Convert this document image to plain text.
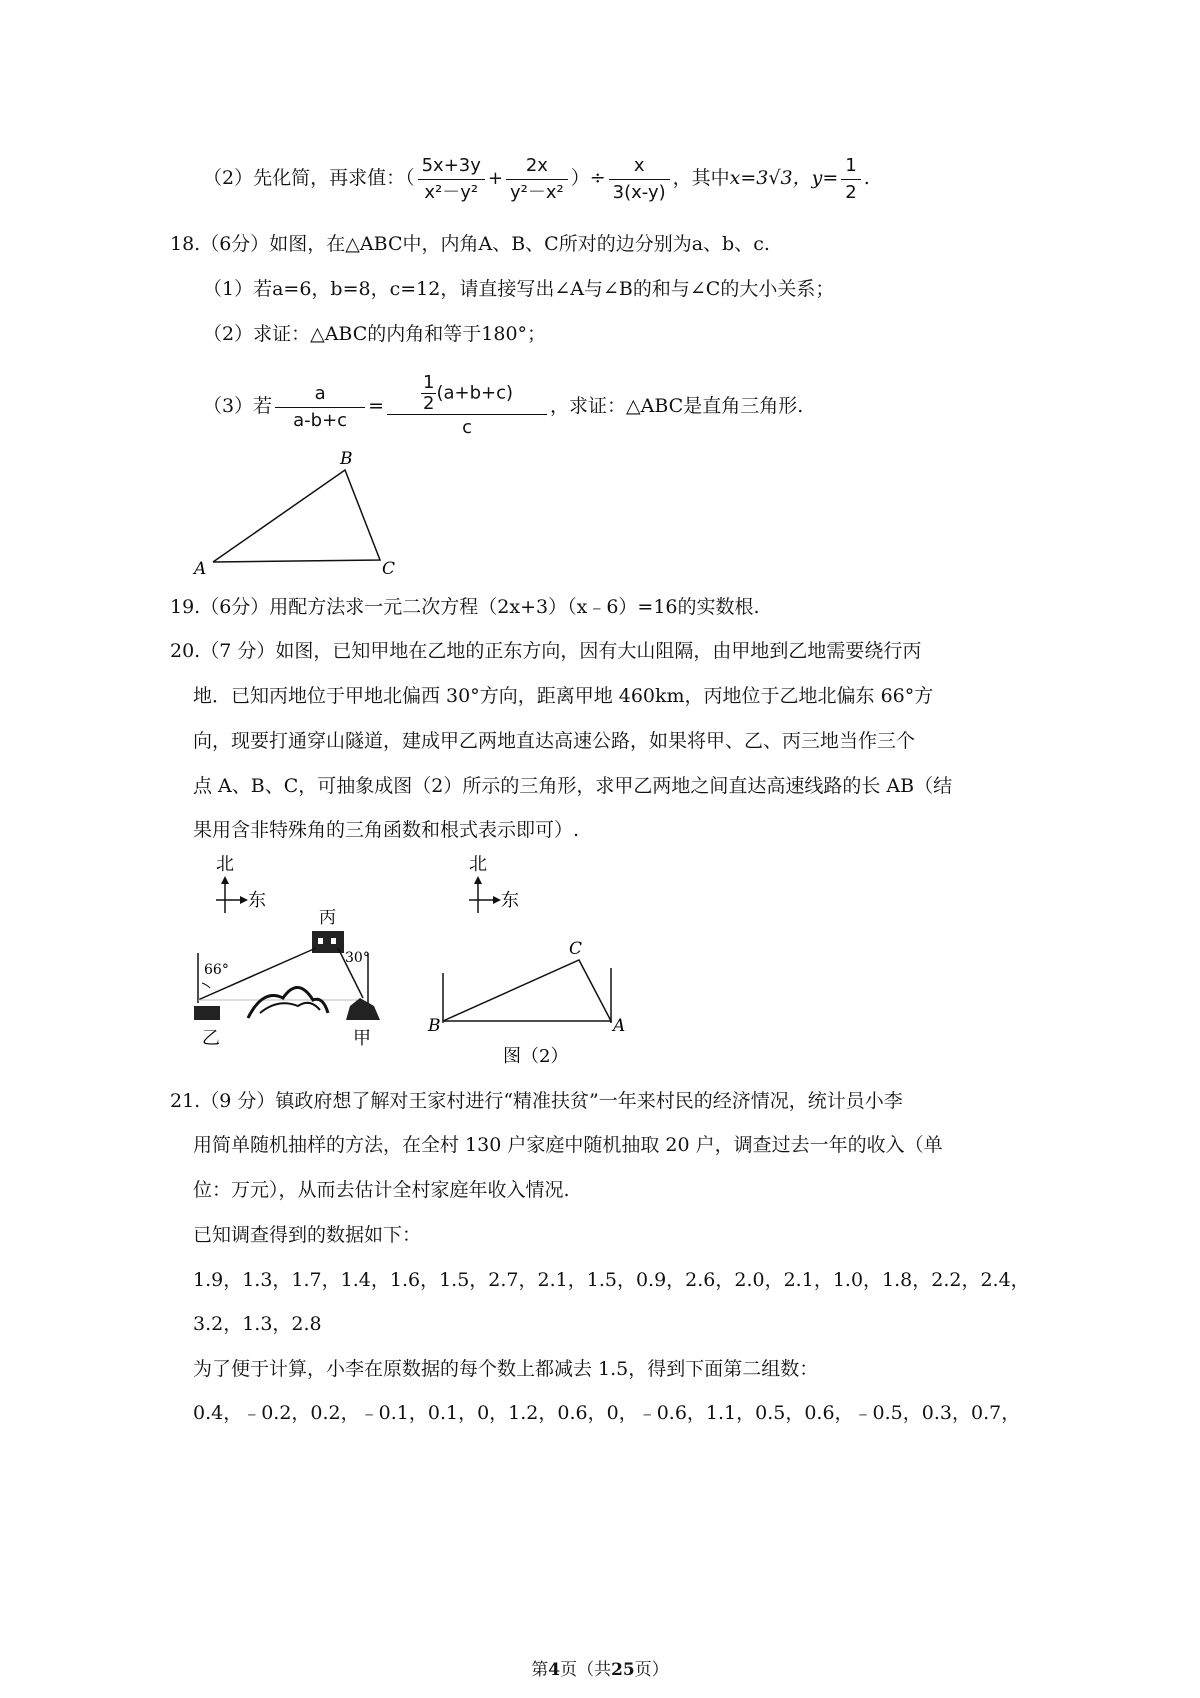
（2）先化简，再求值：（ $\frac{5x+3y}{\text{x²－y²}} + \frac{2x}{\text{y²－x²}}$ ）÷ $\frac{x}{3(x-y)}$ ，其中x=3√3，$y= \frac{1}{2}$ .
18.（6分）如图，在△ABC中，内角A、B、C所对的边分别为a、b、c.
（1）若a=6，b=8，c=12，请直接写出∠A与∠B的和与∠C的大小关系；
（2）求证：△ABC的内角和等于180°；
（3）若 $\frac{a}{a-b+c} = \frac{\frac{1}{2} (a+b+c)}{c}$ ，求证：△ABC是直角三角形.
A
B
C
19.（6分）用配方法求一元二次方程（2x+3）（x﹣6）=16的实数根.
20.（7 分）如图，已知甲地在乙地的正东方向，因有大山阻隔，由甲地到乙地需要绕行丙
地．已知丙地位于甲地北偏西 30°方向，距离甲地 460km，丙地位于乙地北偏东 66°方
向，现要打通穿山隧道，建成甲乙两地直达高速公路，如果将甲、乙、丙三地当作三个
点 A、B、C，可抽象成图（2）所示的三角形，求甲乙两地之间直达高速线路的长 AB（结
果用含非特殊角的三角函数和根式表示即可）.
北
东
丙
66°
30°
乙	甲
北
东
B
C
A
图（2）
21.（9 分）镇政府想了解对王家村进行“精准扶贫”一年来村民的经济情况，统计员小李
用简单随机抽样的方法，在全村 130 户家庭中随机抽取 20 户，调查过去一年的收入（单
位：万元），从而去估计全村家庭年收入情况.
已知调查得到的数据如下：
1.9，1.3，1.7，1.4，1.6，1.5，2.7，2.1，1.5，0.9，2.6，2.0，2.1，1.0，1.8，2.2，2.4，
3.2，1.3，2.8
为了便于计算，小李在原数据的每个数上都减去 1.5，得到下面第二组数：
0.4，﹣0.2，0.2，﹣0.1，0.1，0，1.2，0.6，0，﹣0.6，1.1，0.5，0.6，﹣0.5，0.3，0.7，
第4页（共25页）
